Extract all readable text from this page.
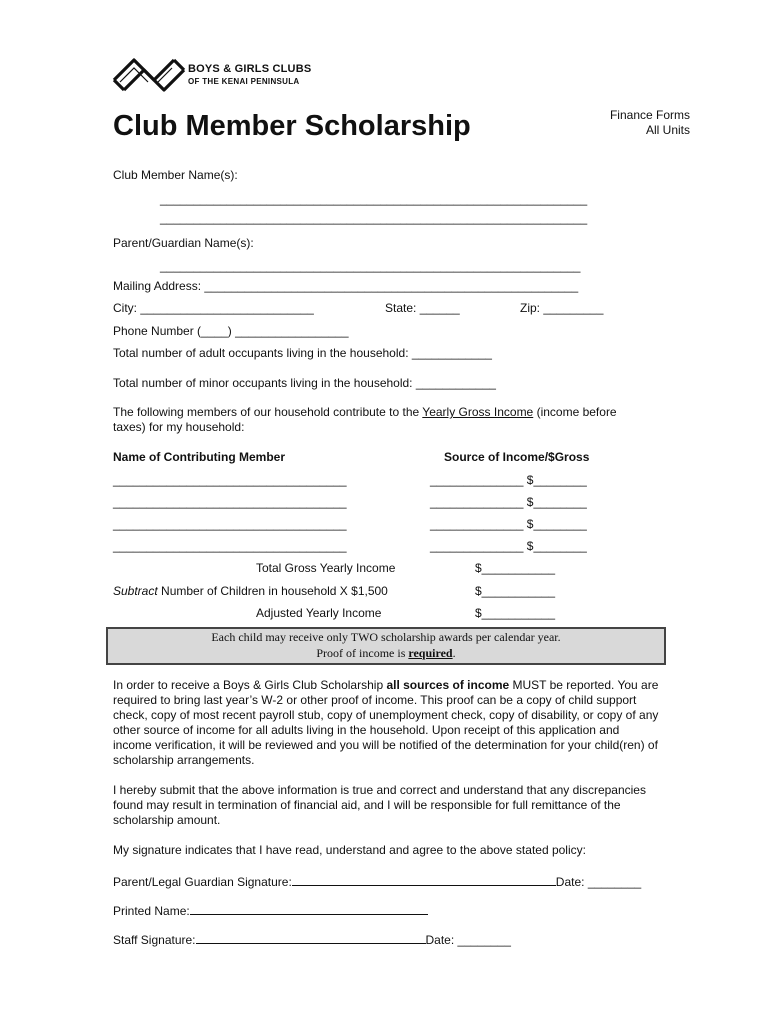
BOYS & GIRLS CLUBS
OF THE KENAI PENINSULA
Club Member Scholarship	Finance Forms
All Units
Club Member Name(s):
________________________________________________________________
________________________________________________________________
Parent/Guardian Name(s):
_______________________________________________________________
Mailing Address: ________________________________________________________
City: __________________________	State: ______	Zip: _________
Phone Number (____) _________________
Total number of adult occupants living in the household: ____________
Total number of minor occupants living in the household: ____________
The following members of our household contribute to the Yearly Gross Income (income before
taxes) for my household:
Name of Contributing Member	Source of Income/$Gross
___________________________________	______________ $________
___________________________________	______________ $________
___________________________________	______________ $________
___________________________________	______________ $________
Total Gross Yearly Income	$___________
Subtract Number of Children in household X $1,500	$___________
Adjusted Yearly Income	$___________
Each child may receive only TWO scholarship awards per calendar year.
Proof of income is required.
In order to receive a Boys & Girls Club Scholarship all sources of income MUST be reported. You are required to bring last year’s W-2 or other proof of income. This proof can be a copy of child support check, copy of most recent payroll stub, copy of unemployment check, copy of disability, or copy of any other source of income for all adults living in the household. Upon receipt of this application and income verification, it will be reviewed and you will be notified of the determination for your child(ren) of scholarship arrangements.
I hereby submit that the above information is true and correct and understand that any discrepancies found may result in termination of financial aid, and I will be responsible for full remittance of the scholarship amount.
My signature indicates that I have read, understand and agree to the above stated policy:
Parent/Legal Guardian Signature:	Date: ________
Printed Name:
Staff Signature:	Date: ________
